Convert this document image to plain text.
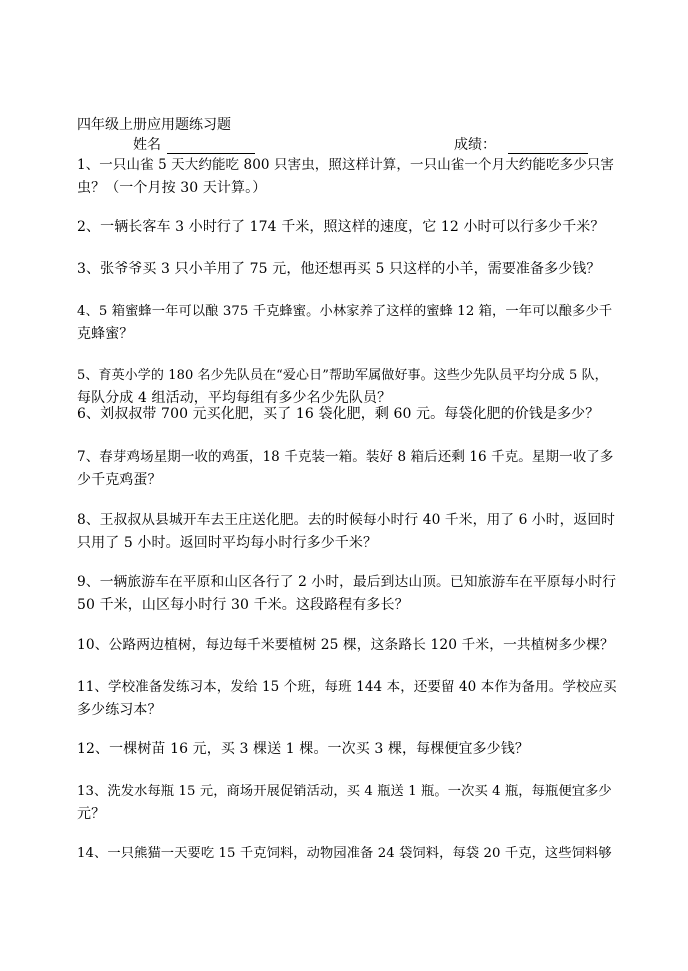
四年级上册应用题练习题
姓名	成绩：
1、一只山雀 5 天大约能吃 800 只害虫，照这样计算，一只山雀一个月大约能吃多少只害
虫？（一个月按 30 天计算。）
2、一辆长客车 3 小时行了 174 千米，照这样的速度，它 12 小时可以行多少千米？
3、张爷爷买 3 只小羊用了 75 元，他还想再买 5 只这样的小羊，需要准备多少钱？
4、5 箱蜜蜂一年可以酿 375 千克蜂蜜。小林家养了这样的蜜蜂 12 箱，一年可以酿多少千
克蜂蜜？
5、育英小学的 180 名少先队员在“爱心日”帮助军属做好事。这些少先队员平均分成 5 队，
每队分成 4 组活动，平均每组有多少名少先队员？
6、刘叔叔带 700 元买化肥，买了 16 袋化肥，剩 60 元。每袋化肥的价钱是多少？
7、春芽鸡场星期一收的鸡蛋，18 千克装一箱。装好 8 箱后还剩 16 千克。星期一收了多
少千克鸡蛋？
8、王叔叔从县城开车去王庄送化肥。去的时候每小时行 40 千米，用了 6 小时，返回时
只用了 5 小时。返回时平均每小时行多少千米？
9、一辆旅游车在平原和山区各行了 2 小时，最后到达山顶。已知旅游车在平原每小时行
50 千米，山区每小时行 30 千米。这段路程有多长？
10、公路两边植树，每边每千米要植树 25 棵，这条路长 120 千米，一共植树多少棵？
11、学校准备发练习本，发给 15 个班，每班 144 本，还要留 40 本作为备用。学校应买
多少练习本？
12、一棵树苗 16 元，买 3 棵送 1 棵。一次买 3 棵，每棵便宜多少钱？
13、洗发水每瓶 15 元，商场开展促销活动，买 4 瓶送 1 瓶。一次买 4 瓶，每瓶便宜多少
元？
14、一只熊猫一天要吃 15 千克饲料，动物园准备 24 袋饲料，每袋 20 千克，这些饲料够
